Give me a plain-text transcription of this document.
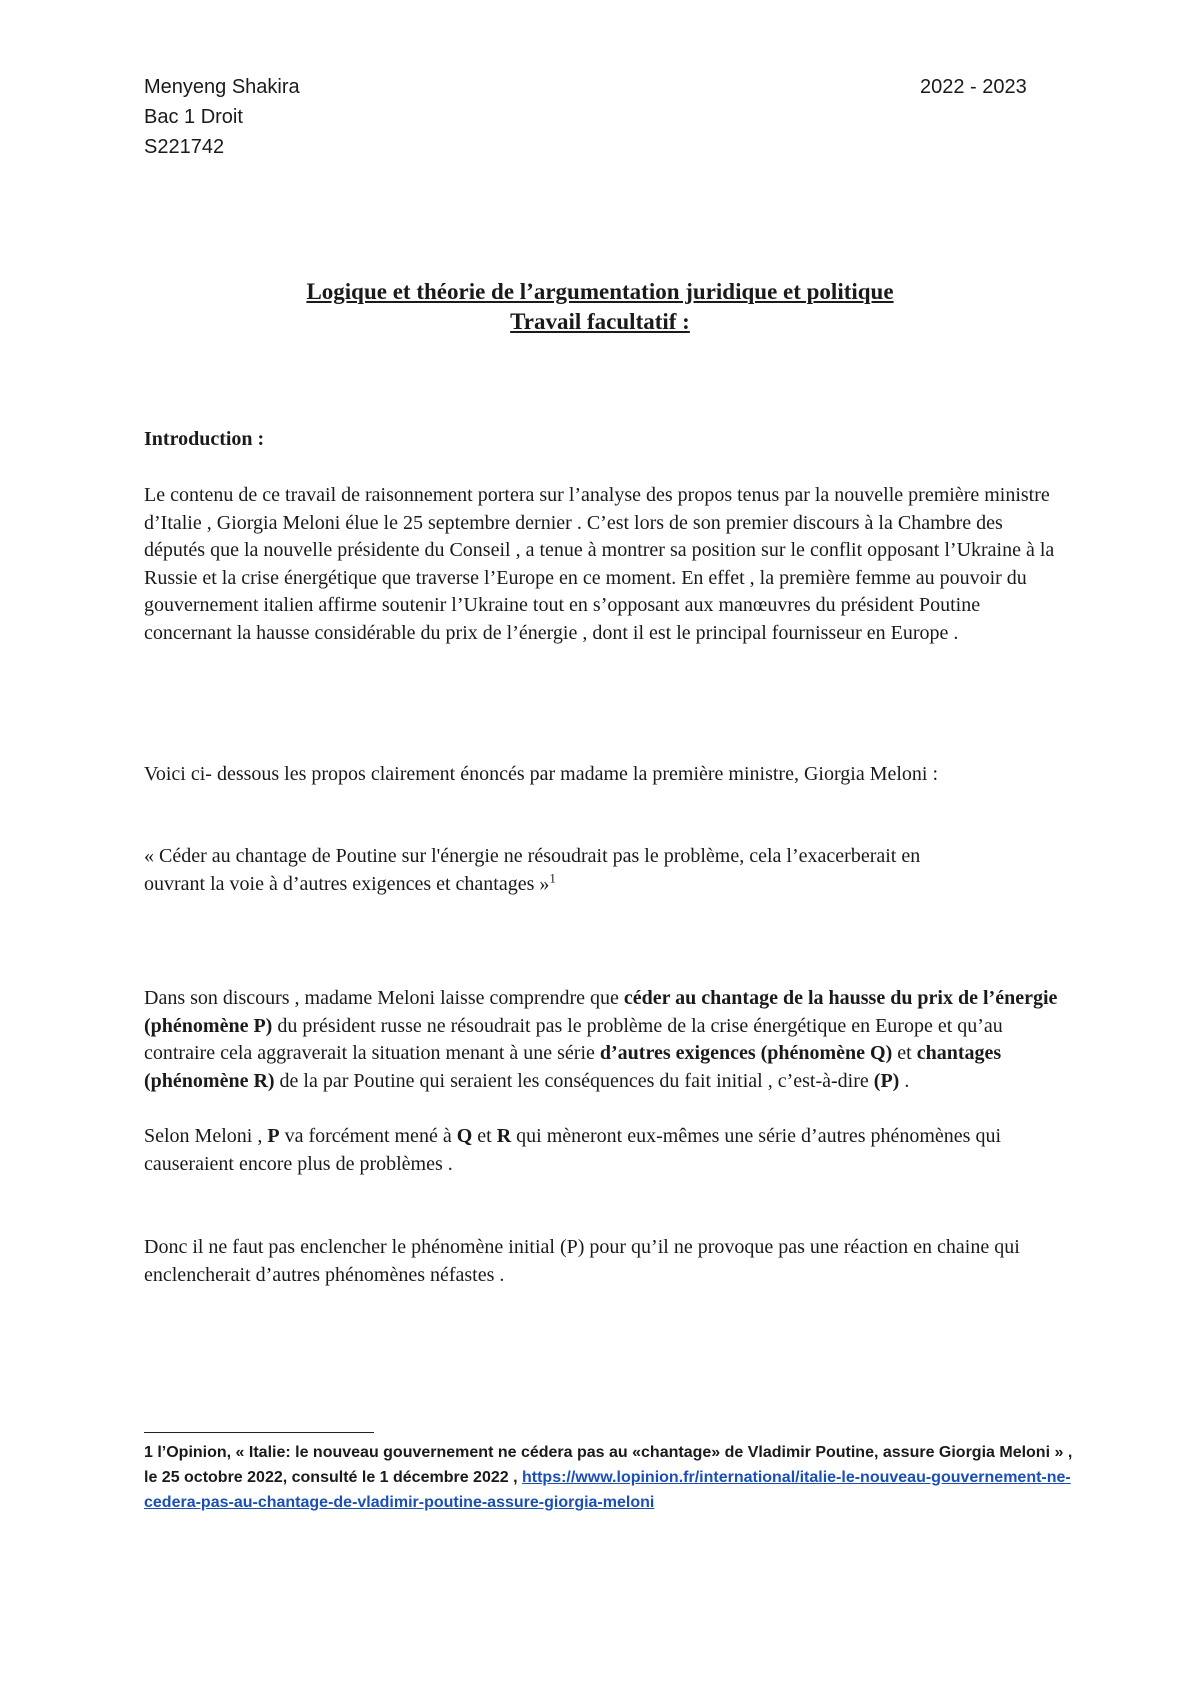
Menyeng Shakira
Bac 1 Droit
S221742
2022 - 2023
Logique et théorie de l’argumentation juridique et politique
Travail facultatif :
Introduction :

Le contenu de ce travail de raisonnement portera sur l’analyse des propos tenus par la nouvelle première ministre d’Italie , Giorgia Meloni élue le 25 septembre dernier . C’est lors de son premier discours à la Chambre des députés que la nouvelle présidente du Conseil , a tenue à montrer sa position sur le conflit opposant l’Ukraine à la Russie et la crise énergétique que traverse l’Europe en ce moment. En effet , la première femme au pouvoir du gouvernement italien affirme soutenir l’Ukraine tout en s’opposant aux manœuvres du président Poutine concernant la hausse considérable du prix de l’énergie , dont il est le principal fournisseur en Europe .

Voici ci- dessous les propos clairement énoncés par madame la première ministre, Giorgia Meloni :

« Céder au chantage de Poutine sur l'énergie ne résoudrait pas le problème, cela l’exacerberait en ouvrant la voie à d’autres exigences et chantages »$^1$

Dans son discours , madame Meloni laisse comprendre que céder au chantage de la hausse du prix de l’énergie (phénomène P) du président russe ne résoudrait pas le problème de la crise énergétique en Europe et qu’au contraire cela aggraverait la situation menant à une série d’autres exigences (phénomène Q) et chantages (phénomène R) de la par Poutine qui seraient les conséquences du fait initial , c’est-à-dire (P) .

Selon Meloni , P va forcément mené à Q et R qui mèneront eux-mêmes une série d’autres phénomènes qui causeraient encore plus de problèmes .

Donc il ne faut pas enclencher le phénomène initial (P) pour qu’il ne provoque pas une réaction en chaine qui enclencherait d’autres phénomènes néfastes .

1 l’Opinion, « Italie: le nouveau gouvernement ne cédera pas au «chantage» de Vladimir Poutine, assure Giorgia Meloni » , le 25 octobre 2022, consulté le 1 décembre 2022 , https://www.lopinion.fr/international/italie-le-nouveau-gouvernement-ne-cedera-pas-au-chantage-de-vladimir-poutine-assure-giorgia-meloni
